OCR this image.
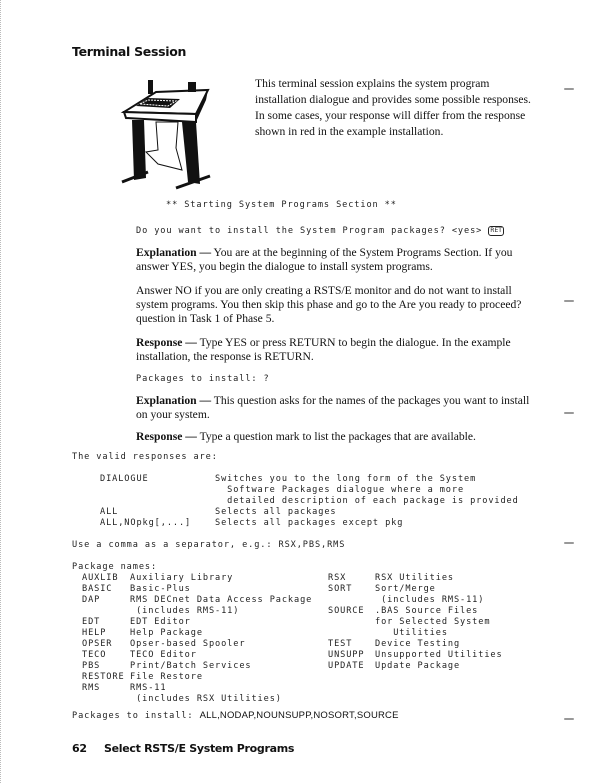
Terminal Session
This terminal session explains the system program installation dialogue and provides some possible responses. In some cases, your response will differ from the response shown in red in the example installation.
** Starting System Programs Section **
Do you want to install the System Program packages? <yes> RET
Explanation — You are at the beginning of the System Programs Section. If you answer YES, you begin the dialogue to install system programs.
Answer NO if you are only creating a RSTS/E monitor and do not want to install system programs. You then skip this phase and go to the Are you ready to proceed? question in Task 1 of Phase 5.
Response — Type YES or press RETURN to begin the dialogue. In the example installation, the response is RETURN.
Packages to install: ?
Explanation — This question asks for the names of the packages you want to install on your system.
Response — Type a question mark to list the packages that are available.
The valid responses are:
DIALOGUE	Switches you to the long form of the System
Software Packages dialogue where a more
detailed description of each package is provided
ALL	Selects all packages
ALL,NOpkg[,...]	Selects all packages except pkg
Use a comma as a separator, e.g.: RSX,PBS,RMS
Package names:
AUXLIB Auxiliary Library
BASIC Basic-Plus
DAP	RMS DECnet Data Access Package
(includes RMS-11)
EDT	EDT Editor
HELP	Help Package
OPSER Opser-based Spooler
TECO	TECO Editor
PBS	Print/Batch Services
RESTORE File Restore
RMS	RMS-11
(includes RSX Utilities)
RSX	RSX Utilities
SORT	Sort/Merge
(includes RMS-11)
SOURCE .BAS Source Files
for Selected System
Utilities
TEST	Device Testing
UNSUPP Unsupported Utilities
UPDATE Update Package
Packages to install: ALL,NODAP,NOUNSUPP,NOSORT,SOURCE
62 Select RSTS/E System Programs
